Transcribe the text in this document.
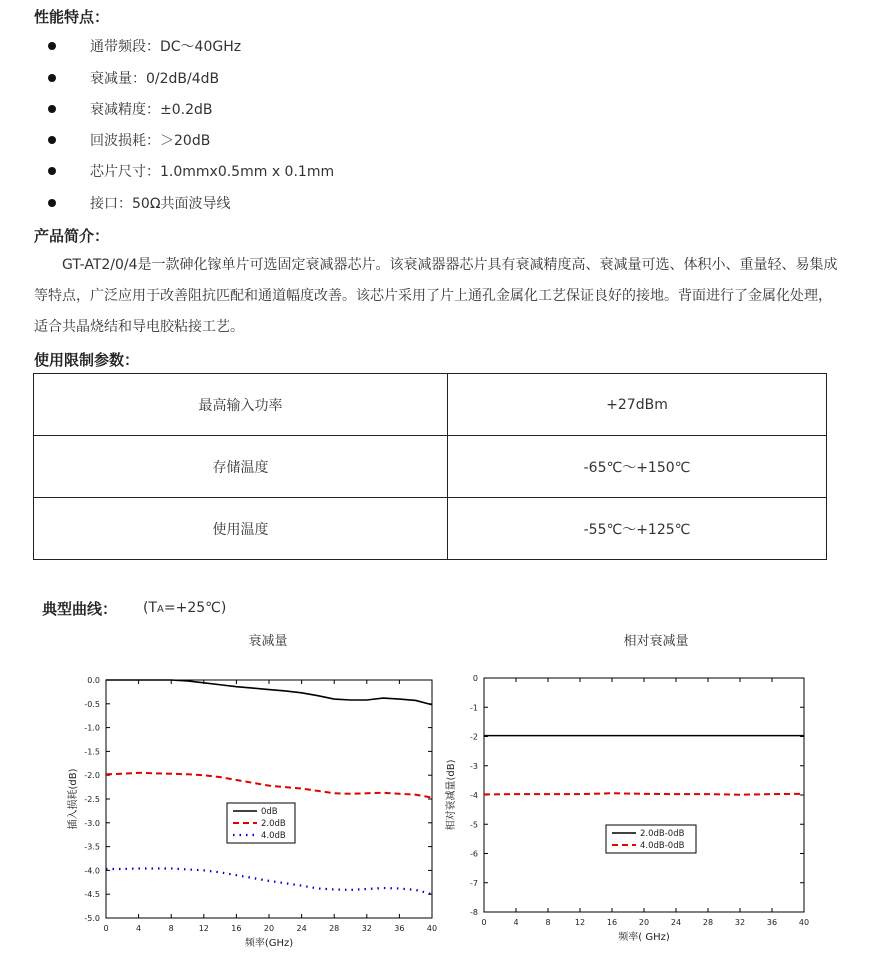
性能特点：
通带频段：DC～40GHz
衰减量：0/2dB/4dB
衰减精度：±0.2dB
回波损耗：＞20dB
芯片尺寸：1.0mmx0.5mm x 0.1mm
接口：50Ω共面波导线
产品简介：
GT-AT2/0/4是一款砷化镓单片可选固定衰减器芯片。该衰减器器芯片具有衰减精度高、衰减量可选、体积小、重量轻、易集成等特点，广泛应用于改善阻抗匹配和通道幅度改善。该芯片采用了片上通孔金属化工艺保证良好的接地。背面进行了金属化处理，适合共晶烧结和导电胶粘接工艺。
使用限制参数：
最高输入功率	+27dBm
存储温度	-65℃～+150℃
使用温度	-55℃～+125℃
典型曲线： (TA=+25℃)
衰减量	相对衰减量
0	4	8	12	16	20	24	28	32	36	40
0.0
-0.5
-1.0
-1.5
-2.0
-2.5
-3.0
-3.5
-4.0
-4.5
-5.0
频率(GHz)
插入损耗(dB)	0dB
2.0dB
4.0dB
0	4	8	12	16	20	24	28	32	36	40
0
-1
-2
-3
-4
-5
-6
-7
-8
频率( GHz)
相对衰减量(dB)
2.0dB-0dB
4.0dB-0dB
